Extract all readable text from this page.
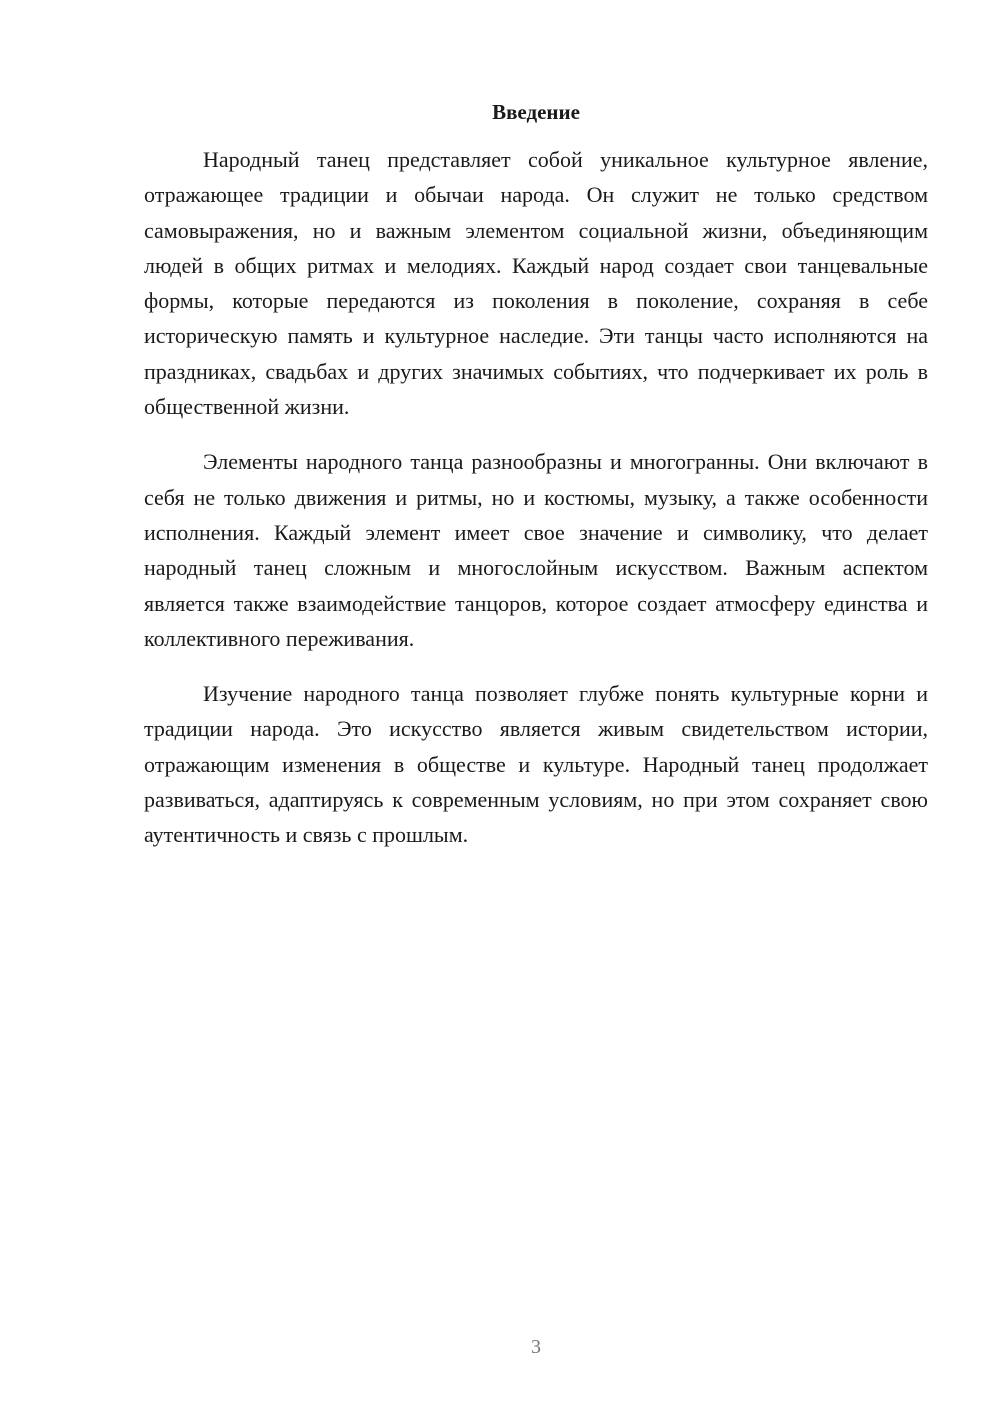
Введение

Народный танец представляет собой уникальное культурное явление, отражающее традиции и обычаи народа. Он служит не только средством самовыражения, но и важным элементом социальной жизни, объединяющим людей в общих ритмах и мелодиях. Каждый народ создает свои танцевальные формы, которые передаются из поколения в поколение, сохраняя в себе историческую память и культурное наследие. Эти танцы часто исполняются на праздниках, свадьбах и других значимых событиях, что подчеркивает их роль в общественной жизни.

Элементы народного танца разнообразны и многогранны. Они включают в себя не только движения и ритмы, но и костюмы, музыку, а также особенности исполнения. Каждый элемент имеет свое значение и символику, что делает народный танец сложным и многослойным искусством. Важным аспектом является также взаимодействие танцоров, которое создает атмосферу единства и коллективного переживания.

Изучение народного танца позволяет глубже понять культурные корни и традиции народа. Это искусство является живым свидетельством истории, отражающим изменения в обществе и культуре. Народный танец продолжает развиваться, адаптируясь к современным условиям, но при этом сохраняет свою аутентичность и связь с прошлым.

3
